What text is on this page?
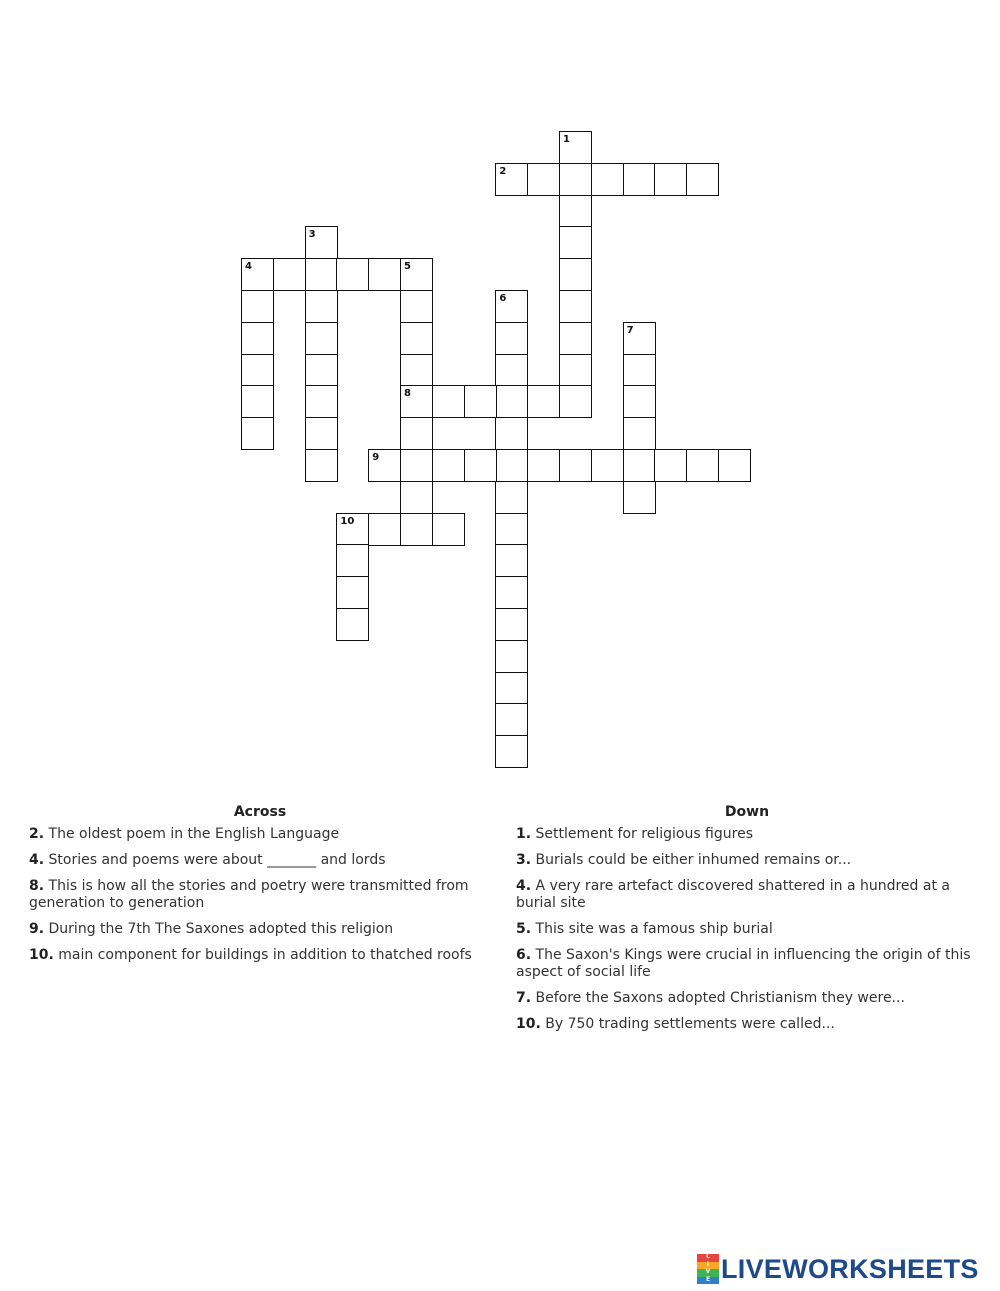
1
2
3
4	5
8
6
7
9
10
Across
2. The oldest poem in the English Language
4. Stories and poems were about _______ and lords
8. This is how all the stories and poetry were transmitted from generation to generation
9. During the 7th The Saxones adopted this religion
10. main component for buildings in addition to thatched roofs
Down
1. Settlement for religious figures
3. Burials could be either inhumed remains or...
4. A very rare artefact discovered shattered in a hundred at a burial site
5. This site was a famous ship burial
6. The Saxon's Kings were crucial in influencing the origin of this aspect of social life
7. Before the Saxons adopted Christianism they were...
10. By 750 trading settlements were called...
L
I
V
E LIVEWORKSHEETS
